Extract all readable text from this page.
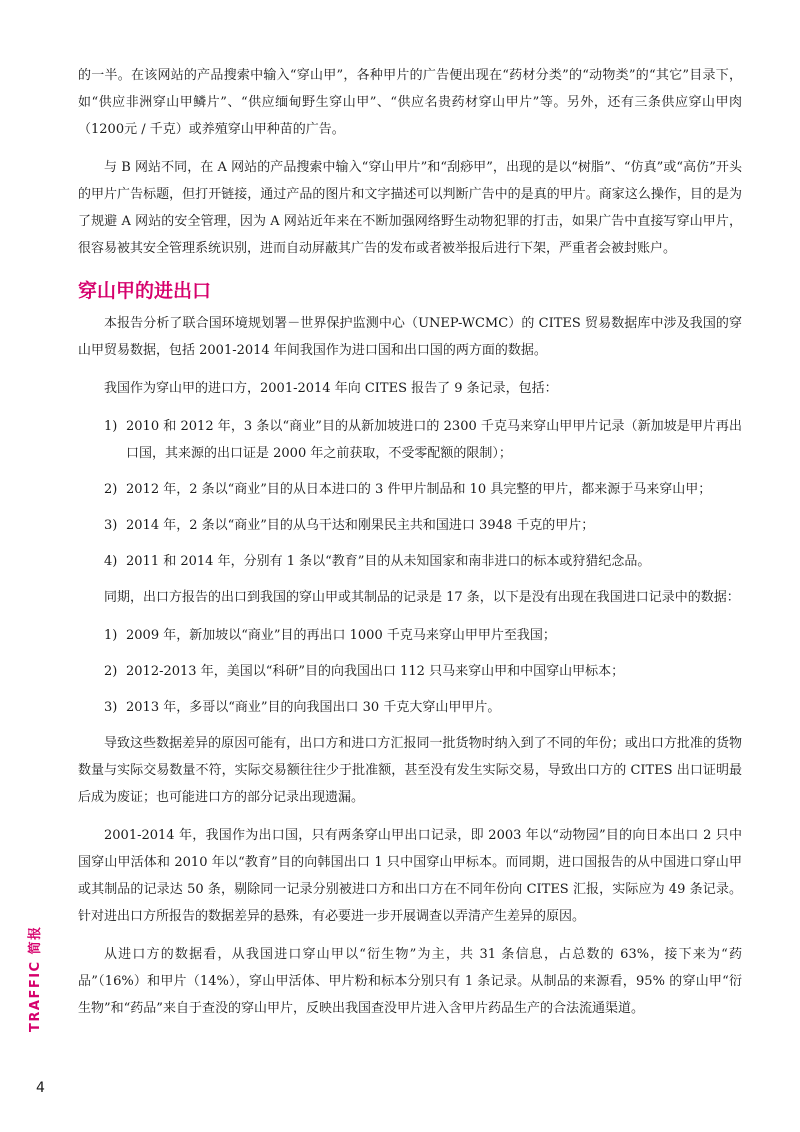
的一半。在该网站的产品搜索中输入“穿山甲”，各种甲片的广告便出现在“药材分类”的“动物类”的“其它”目录下，如“供应非洲穿山甲鳞片”、“供应缅甸野生穿山甲”、“供应名贵药材穿山甲片”等。另外，还有三条供应穿山甲肉（1200元 / 千克）或养殖穿山甲种苗的广告。

与 B 网站不同，在 A 网站的产品搜索中输入“穿山甲片”和“刮痧甲”，出现的是以“树脂”、“仿真”或“高仿”开头的甲片广告标题，但打开链接，通过产品的图片和文字描述可以判断广告中的是真的甲片。商家这么操作，目的是为了规避 A 网站的安全管理，因为 A 网站近年来在不断加强网络野生动物犯罪的打击，如果广告中直接写穿山甲片，很容易被其安全管理系统识别，进而自动屏蔽其广告的发布或者被举报后进行下架，严重者会被封账户。

穿山甲的进出口

本报告分析了联合国环境规划署－世界保护监测中心（UNEP-WCMC）的 CITES 贸易数据库中涉及我国的穿山甲贸易数据，包括 2001-2014 年间我国作为进口国和出口国的两方面的数据。

我国作为穿山甲的进口方，2001-2014 年向 CITES 报告了 9 条记录，包括：

1) 2010 和 2012 年，3 条以“商业”目的从新加坡进口的 2300 千克马来穿山甲甲片记录（新加坡是甲片再出口国，其来源的出口证是 2000 年之前获取，不受零配额的限制）；
2) 2012 年，2 条以“商业”目的从日本进口的 3 件甲片制品和 10 具完整的甲片，都来源于马来穿山甲；
3) 2014 年，2 条以“商业”目的从乌干达和刚果民主共和国进口 3948 千克的甲片；
4) 2011 和 2014 年，分别有 1 条以“教育”目的从未知国家和南非进口的标本或狩猎纪念品。

同期，出口方报告的出口到我国的穿山甲或其制品的记录是 17 条，以下是没有出现在我国进口记录中的数据：

1) 2009 年，新加坡以“商业”目的再出口 1000 千克马来穿山甲甲片至我国；
2) 2012-2013 年，美国以“科研”目的向我国出口 112 只马来穿山甲和中国穿山甲标本；
3) 2013 年，多哥以“商业”目的向我国出口 30 千克大穿山甲甲片。

导致这些数据差异的原因可能有，出口方和进口方汇报同一批货物时纳入到了不同的年份；或出口方批准的货物数量与实际交易数量不符，实际交易额往往少于批准额，甚至没有发生实际交易，导致出口方的 CITES 出口证明最后成为废证；也可能进口方的部分记录出现遗漏。

2001-2014 年，我国作为出口国，只有两条穿山甲出口记录，即 2003 年以“动物园”目的向日本出口 2 只中国穿山甲活体和 2010 年以“教育”目的向韩国出口 1 只中国穿山甲标本。而同期，进口国报告的从中国进口穿山甲或其制品的记录达 50 条，剔除同一记录分别被进口方和出口方在不同年份向 CITES 汇报，实际应为 49 条记录。针对进出口方所报告的数据差异的悬殊，有必要进一步开展调查以弄清产生差异的原因。

从进口方的数据看，从我国进口穿山甲以“衍生物”为主，共 31 条信息，占总数的 63%，接下来为“药品”（16%）和甲片（14%），穿山甲活体、甲片粉和标本分别只有 1 条记录。从制品的来源看，95% 的穿山甲“衍生物”和“药品”来自于查没的穿山甲片，反映出我国查没甲片进入含甲片药品生产的合法流通渠道。

TRAFFIC 简报
4
